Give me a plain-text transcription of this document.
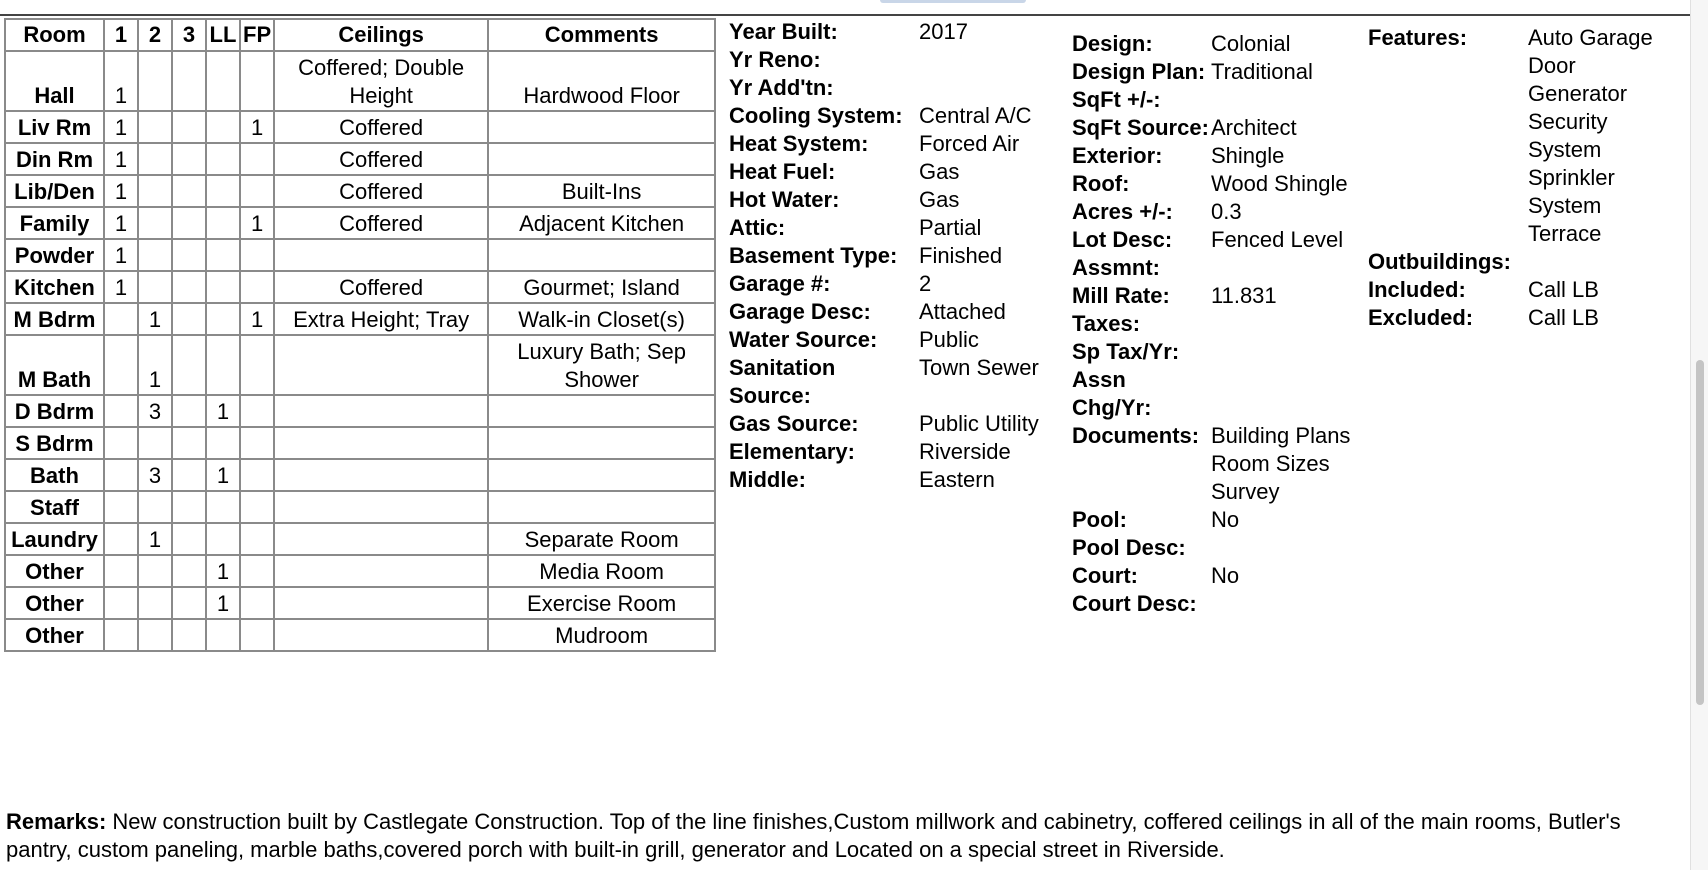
Room	1	2	3	LL	FP	Ceilings	Comments
Hall	1					Coffered; Double Height	Hardwood Floor
Liv Rm	1				1	Coffered	
Din Rm	1					Coffered	
Lib/Den	1					Coffered	Built-Ins
Family	1				1	Coffered	Adjacent Kitchen
Powder	1						
Kitchen	1					Coffered	Gourmet; Island
M Bdrm		1			1	Extra Height; Tray	Walk-in Closet(s)
M Bath		1					Luxury Bath; Sep Shower
D Bdrm		3		1			
S Bdrm							
Bath		3		1			
Staff							
Laundry		1					Separate Room
Other				1			Media Room
Other				1			Exercise Room
Other							Mudroom
Year Built:	2017
Yr Reno:
Yr Add'tn:
Cooling System: Central A/C
Heat System:	Forced Air
Heat Fuel:	Gas
Hot Water:	Gas
Attic:	Partial
Basement Type: Finished
Garage #:	2
Garage Desc:	Attached
Water Source:	Public
Sanitation Source:
Town Sewer
Gas Source:	Public Utility
Elementary:	Riverside
Middle:	Eastern
Design:	Colonial
Design Plan: Traditional
SqFt +/-:
SqFt Source: Architect
Exterior:	Shingle
Roof:	Wood Shingle
Acres +/-:	0.3
Lot Desc:	Fenced Level
Assmnt:
Mill Rate:	11.831
Taxes:
Sp Tax/Yr:
Assn Chg/Yr:
Documents: Building Plans Room Sizes Survey
Pool:	No
Pool Desc:
Court:	No
Court Desc:
Features:	Auto Garage Door Generator Security System Sprinkler System Terrace
Outbuildings:
Included:	Call LB
Excluded:	Call LB
Remarks: New construction built by Castlegate Construction. Top of the line finishes,Custom millwork and cabinetry, coffered ceilings in all of the main rooms, Butler's pantry, custom paneling, marble baths,covered porch with built-in grill, generator and Located on a special street in Riverside.
